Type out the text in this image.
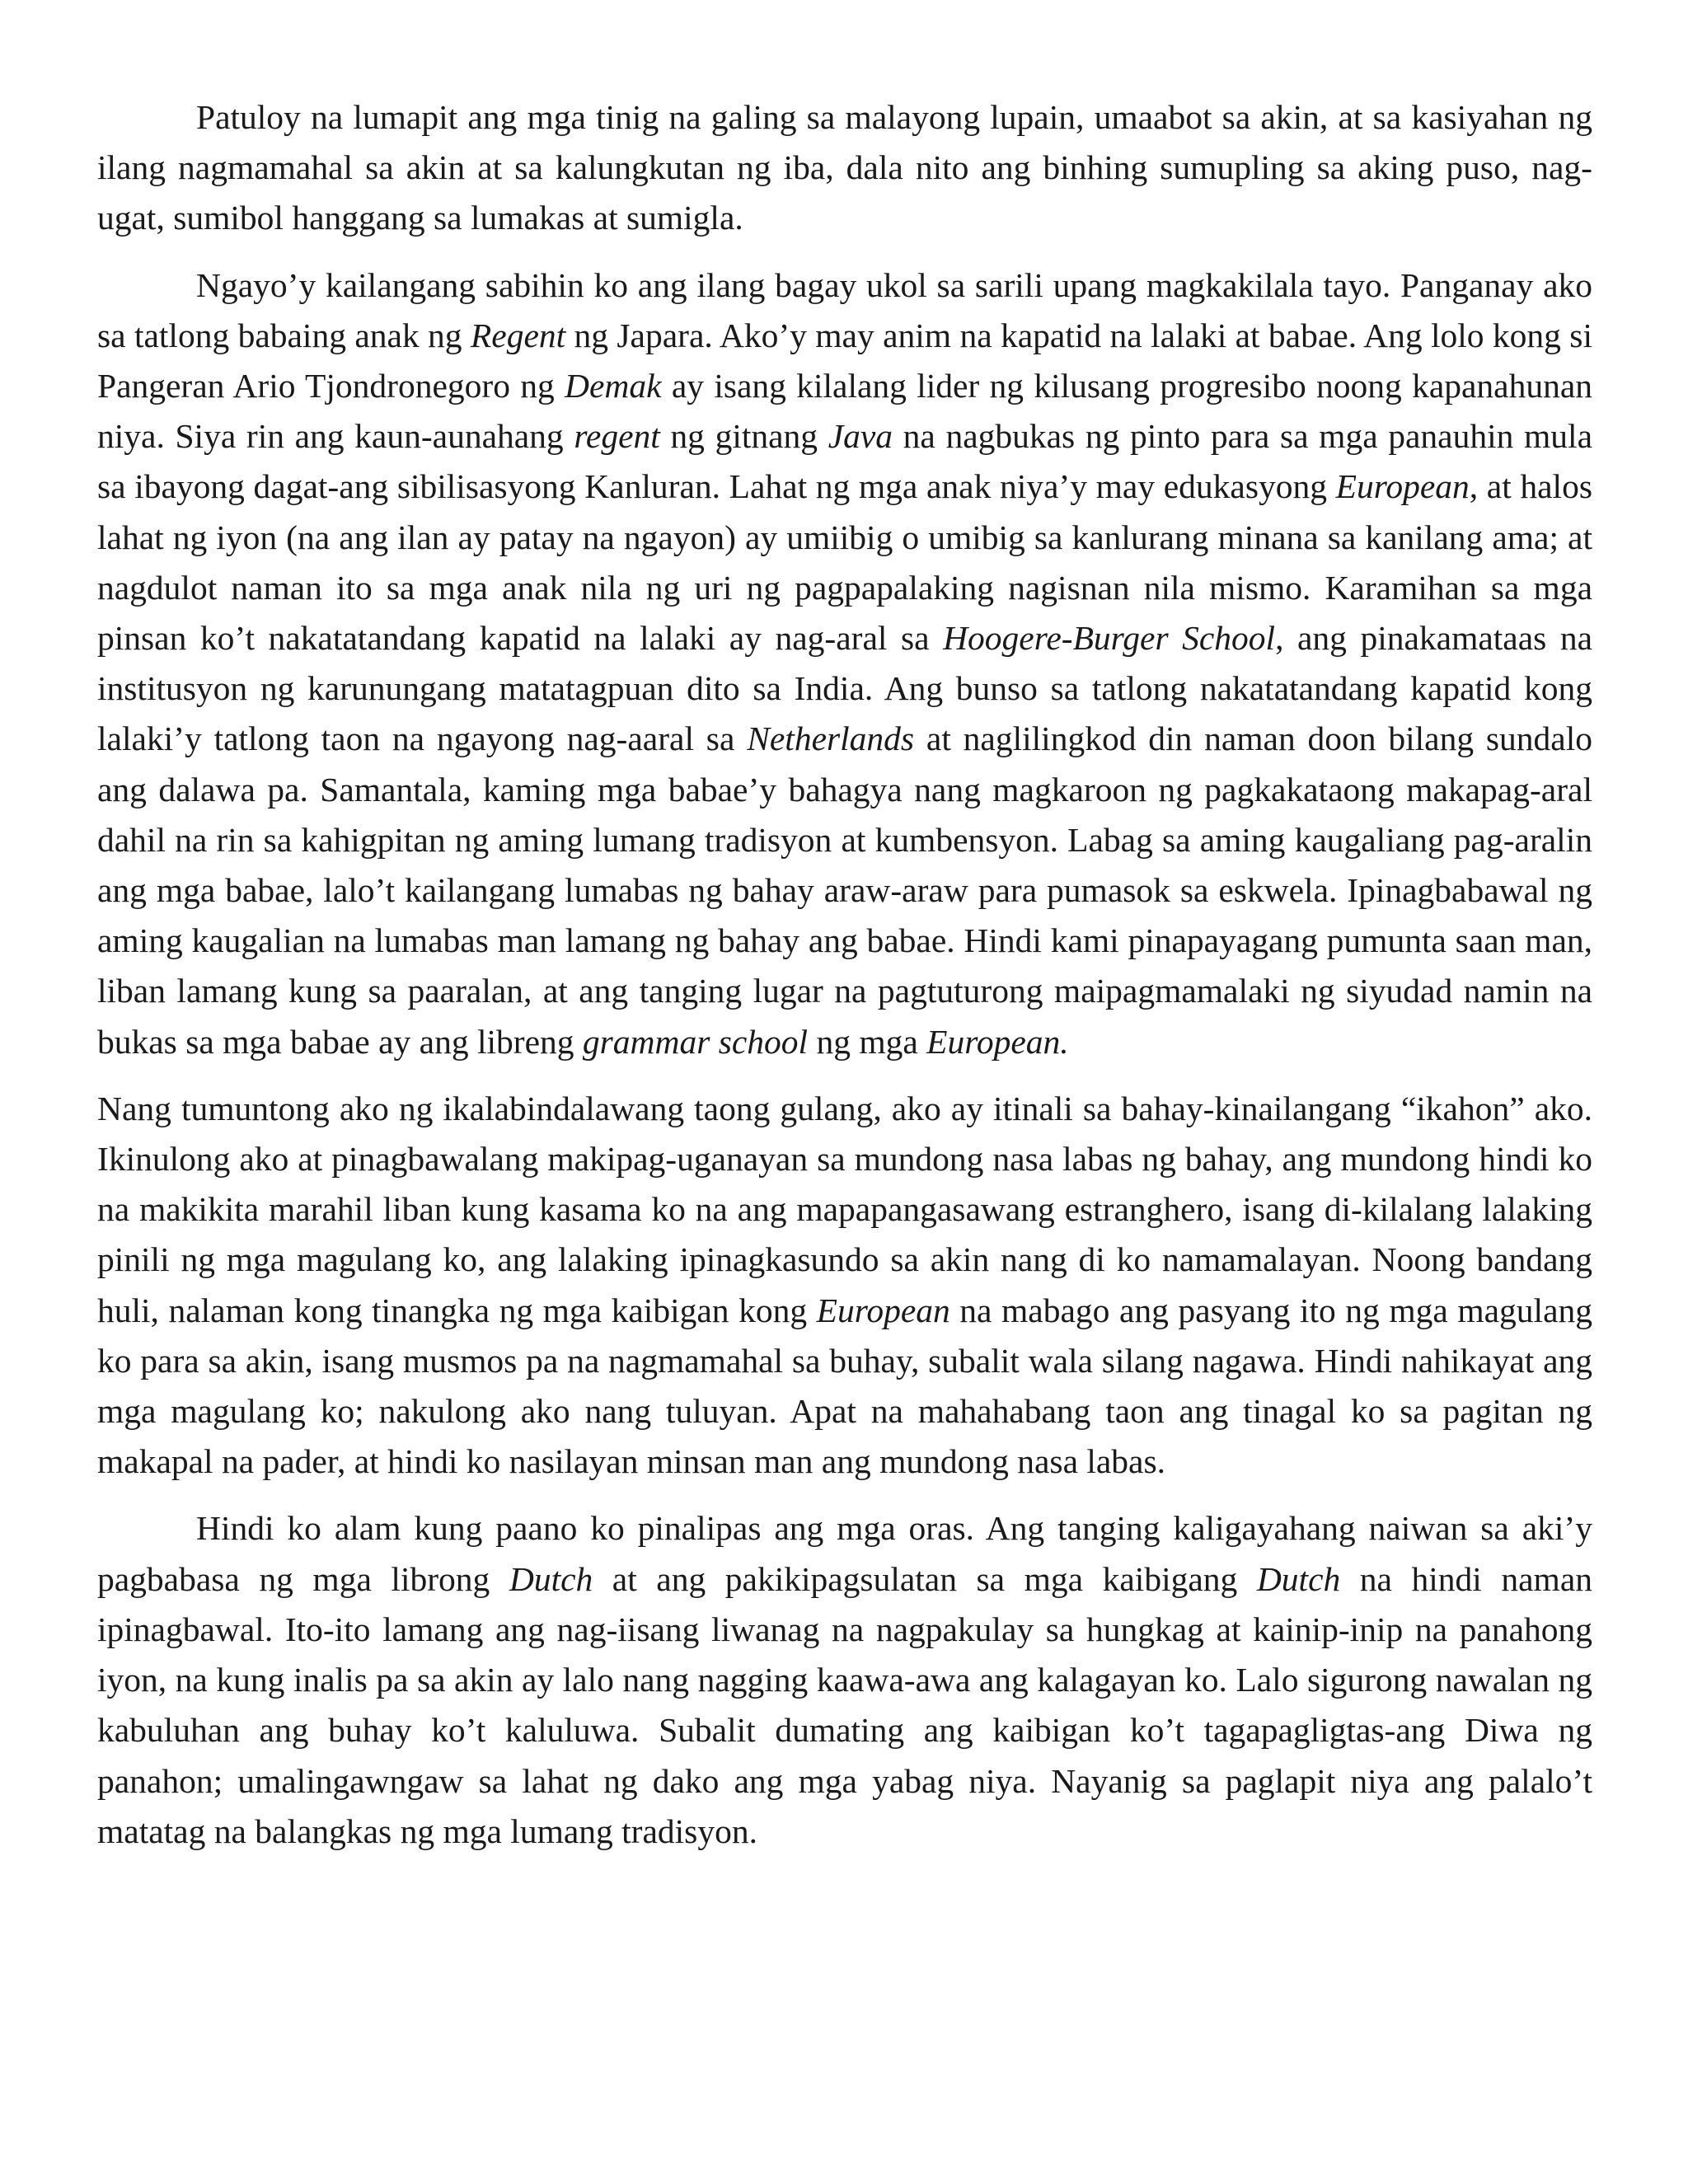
Patuloy na lumapit ang mga tinig na galing sa malayong lupain, umaabot sa akin, at sa kasiyahan ng ilang nagmamahal sa akin at sa kalungkutan ng iba, dala nito ang binhing sumupling sa aking puso, nag-ugat, sumibol hanggang sa lumakas at sumigla.

Ngayo’y kailangang sabihin ko ang ilang bagay ukol sa sarili upang magkakilala tayo. Panganay ako sa tatlong babaing anak ng Regent ng Japara. Ako’y may anim na kapatid na lalaki at babae. Ang lolo kong si Pangeran Ario Tjondronegoro ng Demak ay isang kilalang lider ng kilusang progresibo noong kapanahunan niya. Siya rin ang kaun-aunahang regent ng gitnang Java na nagbukas ng pinto para sa mga panauhin mula sa ibayong dagat-ang sibilisasyong Kanluran. Lahat ng mga anak niya’y may edukasyong European, at halos lahat ng iyon (na ang ilan ay patay na ngayon) ay umiibig o umibig sa kanlurang minana sa kanilang ama; at nagdulot naman ito sa mga anak nila ng uri ng pagpapalaking nagisnan nila mismo. Karamihan sa mga pinsan ko’t nakatatandang kapatid na lalaki ay nag-aral sa Hoogere-Burger School, ang pinakamataas na institusyon ng karunungang matatagpuan dito sa India. Ang bunso sa tatlong nakatatandang kapatid kong lalaki’y tatlong taon na ngayong nag-aaral sa Netherlands at naglilingkod din naman doon bilang sundalo ang dalawa pa. Samantala, kaming mga babae’y bahagya nang magkaroon ng pagkakataong makapag-aral dahil na rin sa kahigpitan ng aming lumang tradisyon at kumbensyon. Labag sa aming kaugaliang pag-aralin ang mga babae, lalo’t kailangang lumabas ng bahay araw-araw para pumasok sa eskwela. Ipinagbabawal ng aming kaugalian na lumabas man lamang ng bahay ang babae. Hindi kami pinapayagang pumunta saan man, liban lamang kung sa paaralan, at ang tanging lugar na pagtuturong maipagmamalaki ng siyudad namin na bukas sa mga babae ay ang libreng grammar school ng mga European.

Nang tumuntong ako ng ikalabindalawang taong gulang, ako ay itinali sa bahay-kinailangang “ikahon” ako. Ikinulong ako at pinagbawalang makipag-uganayan sa mundong nasa labas ng bahay, ang mundong hindi ko na makikita marahil liban kung kasama ko na ang mapapangasawang estranghero, isang di-kilalang lalaking pinili ng mga magulang ko, ang lalaking ipinagkasundo sa akin nang di ko namamalayan. Noong bandang huli, nalaman kong tinangka ng mga kaibigan kong European na mabago ang pasyang ito ng mga magulang ko para sa akin, isang musmos pa na nagmamahal sa buhay, subalit wala silang nagawa. Hindi nahikayat ang mga magulang ko; nakulong ako nang tuluyan. Apat na mahahabang taon ang tinagal ko sa pagitan ng makapal na pader, at hindi ko nasilayan minsan man ang mundong nasa labas.

Hindi ko alam kung paano ko pinalipas ang mga oras. Ang tanging kaligayahang naiwan sa aki’y pagbabasa ng mga librong Dutch at ang pakikipagsulatan sa mga kaibigang Dutch na hindi naman ipinagbawal. Ito-ito lamang ang nag-iisang liwanag na nagpakulay sa hungkag at kainip-inip na panahong iyon, na kung inalis pa sa akin ay lalo nang nagging kaawa-awa ang kalagayan ko. Lalo sigurong nawalan ng kabuluhan ang buhay ko’t kaluluwa. Subalit dumating ang kaibigan ko’t tagapagligtas-ang Diwa ng panahon; umalingawngaw sa lahat ng dako ang mga yabag niya. Nayanig sa paglapit niya ang palalo’t matatag na balangkas ng mga lumang tradisyon.
